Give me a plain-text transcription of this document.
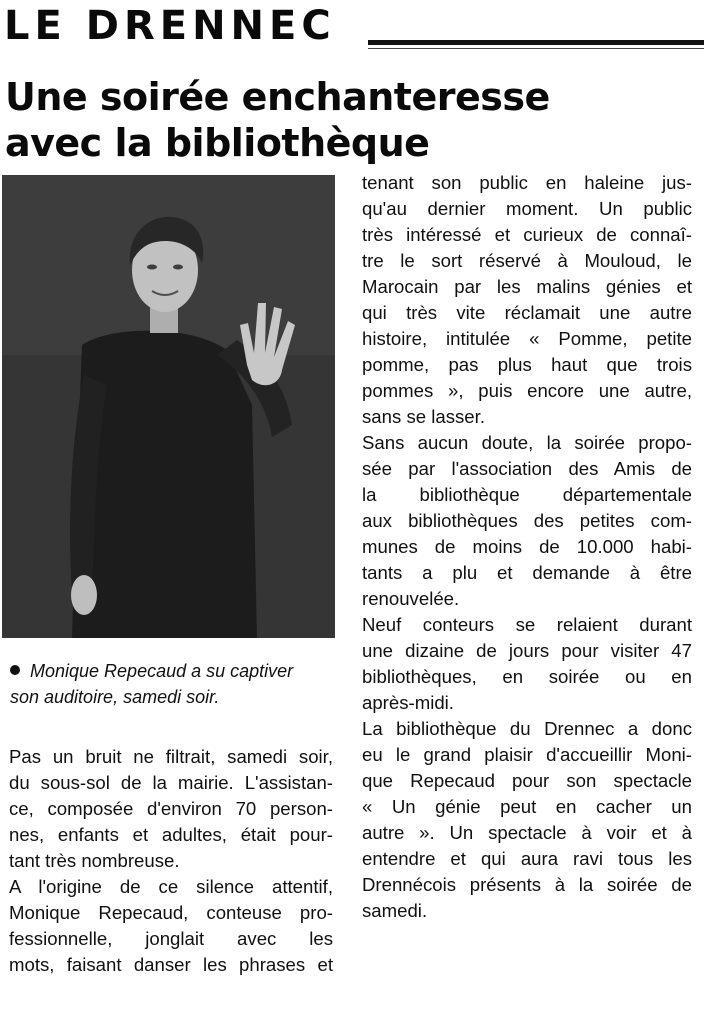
LE DRENNEC
Une soirée enchanteresse
avec la bibliothèque
Monique Repecaud a su captiver
son auditoire, samedi soir.
Pas un bruit ne filtrait, samedi soir,
du sous-sol de la mairie. L'assistan-
ce, composée d'environ 70 person-
nes, enfants et adultes, était pour-
tant très nombreuse.
A l'origine de ce silence attentif,
Monique Repecaud, conteuse pro-
fessionnelle, jonglait avec les
mots, faisant danser les phrases et
tenant son public en haleine jus-
qu'au dernier moment. Un public
très intéressé et curieux de connaî-
tre le sort réservé à Mouloud, le
Marocain par les malins génies et
qui très vite réclamait une autre
histoire, intitulée « Pomme, petite
pomme, pas plus haut que trois
pommes », puis encore une autre,
sans se lasser.
Sans aucun doute, la soirée propo-
sée par l'association des Amis de
la bibliothèque départementale
aux bibliothèques des petites com-
munes de moins de 10.000 habi-
tants a plu et demande à être
renouvelée.
Neuf conteurs se relaient durant
une dizaine de jours pour visiter 47
bibliothèques, en soirée ou en
après-midi.
La bibliothèque du Drennec a donc
eu le grand plaisir d'accueillir Moni-
que Repecaud pour son spectacle
« Un génie peut en cacher un
autre ». Un spectacle à voir et à
entendre et qui aura ravi tous les
Drennécois présents à la soirée de
samedi.
